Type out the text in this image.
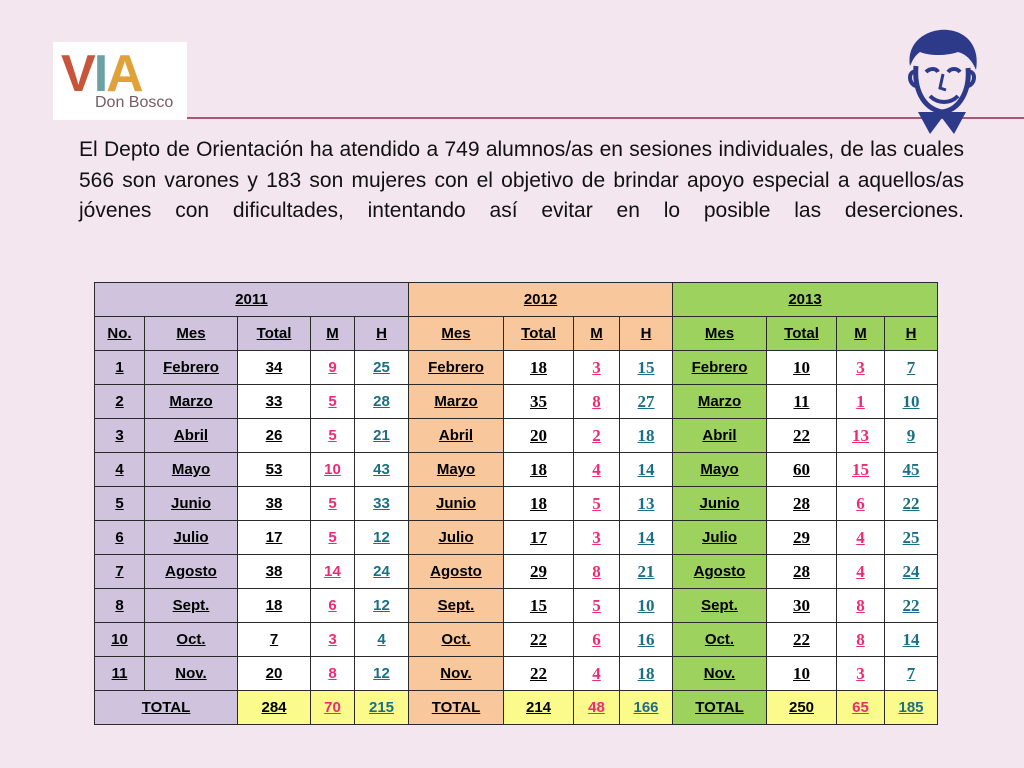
VIA
Don Bosco

El Depto de Orientación ha atendido a 749 alumnos/as en sesiones individuales, de las cuales 566 son varones y 183 son mujeres con el objetivo de brindar apoyo especial a aquellos/as jóvenes con dificultades, intentando así evitar en lo posible las deserciones.

2011					2012				2013			
No.	Mes	Total	M	H	Mes	Total	M	H	Mes	Total	M	H
1	Febrero	34	9	25	Febrero	18	3	15	Febrero	10	3	7
2	Marzo	33	5	28	Marzo	35	8	27	Marzo	11	1	10
3	Abril	26	5	21	Abril	20	2	18	Abril	22	13	9
4	Mayo	53	10	43	Mayo	18	4	14	Mayo	60	15	45
5	Junio	38	5	33	Junio	18	5	13	Junio	28	6	22
6	Julio	17	5	12	Julio	17	3	14	Julio	29	4	25
7	Agosto	38	14	24	Agosto	29	8	21	Agosto	28	4	24
8	Sept.	18	6	12	Sept.	15	5	10	Sept.	30	8	22
10	Oct.	7	3	4	Oct.	22	6	16	Oct.	22	8	14
11	Nov.	20	8	12	Nov.	22	4	18	Nov.	10	3	7
TOTAL		284	70	215	TOTAL	214	48	166	TOTAL	250	65	185
